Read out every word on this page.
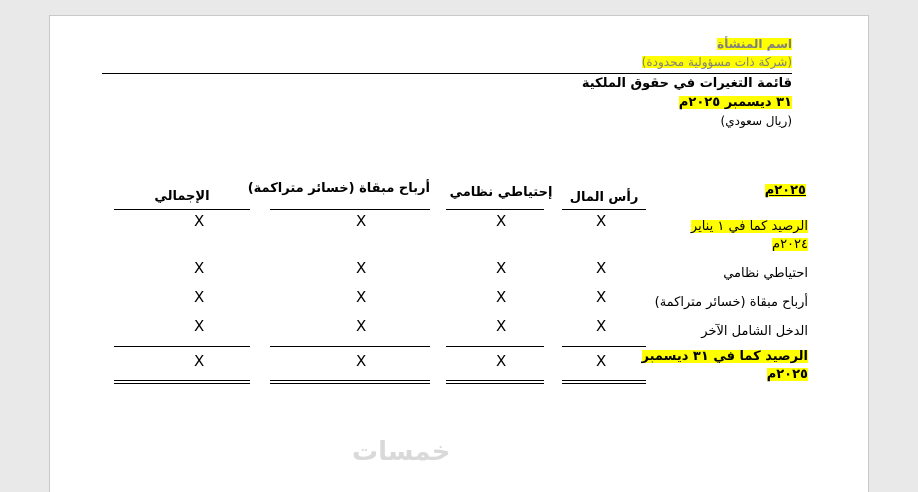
اسم المنشأة
(شركة ذات مسؤولية محدودة)
قائمة التغيرات في حقوق الملكية
٣١ ديسمبر ٢٠٢٥م
(ريال سعودي)
٢٠٢٥م
رأس المال
إحتياطي نظامي
أرباح مبقاة (خسائر متراكمة)
الإجمالي
الرصيد كما في ١ يناير
٢٠٢٤م
X
X
X
X
احتياطي نظامي
X
X
X
X
أرباح مبقاة (خسائر متراكمة)
X
X
X
X
الدخل الشامل الآخر
X
X
X
X
الرصيد كما في ٣١ ديسمبر
٢٠٢٥م
X
X
X
X
خمسات
